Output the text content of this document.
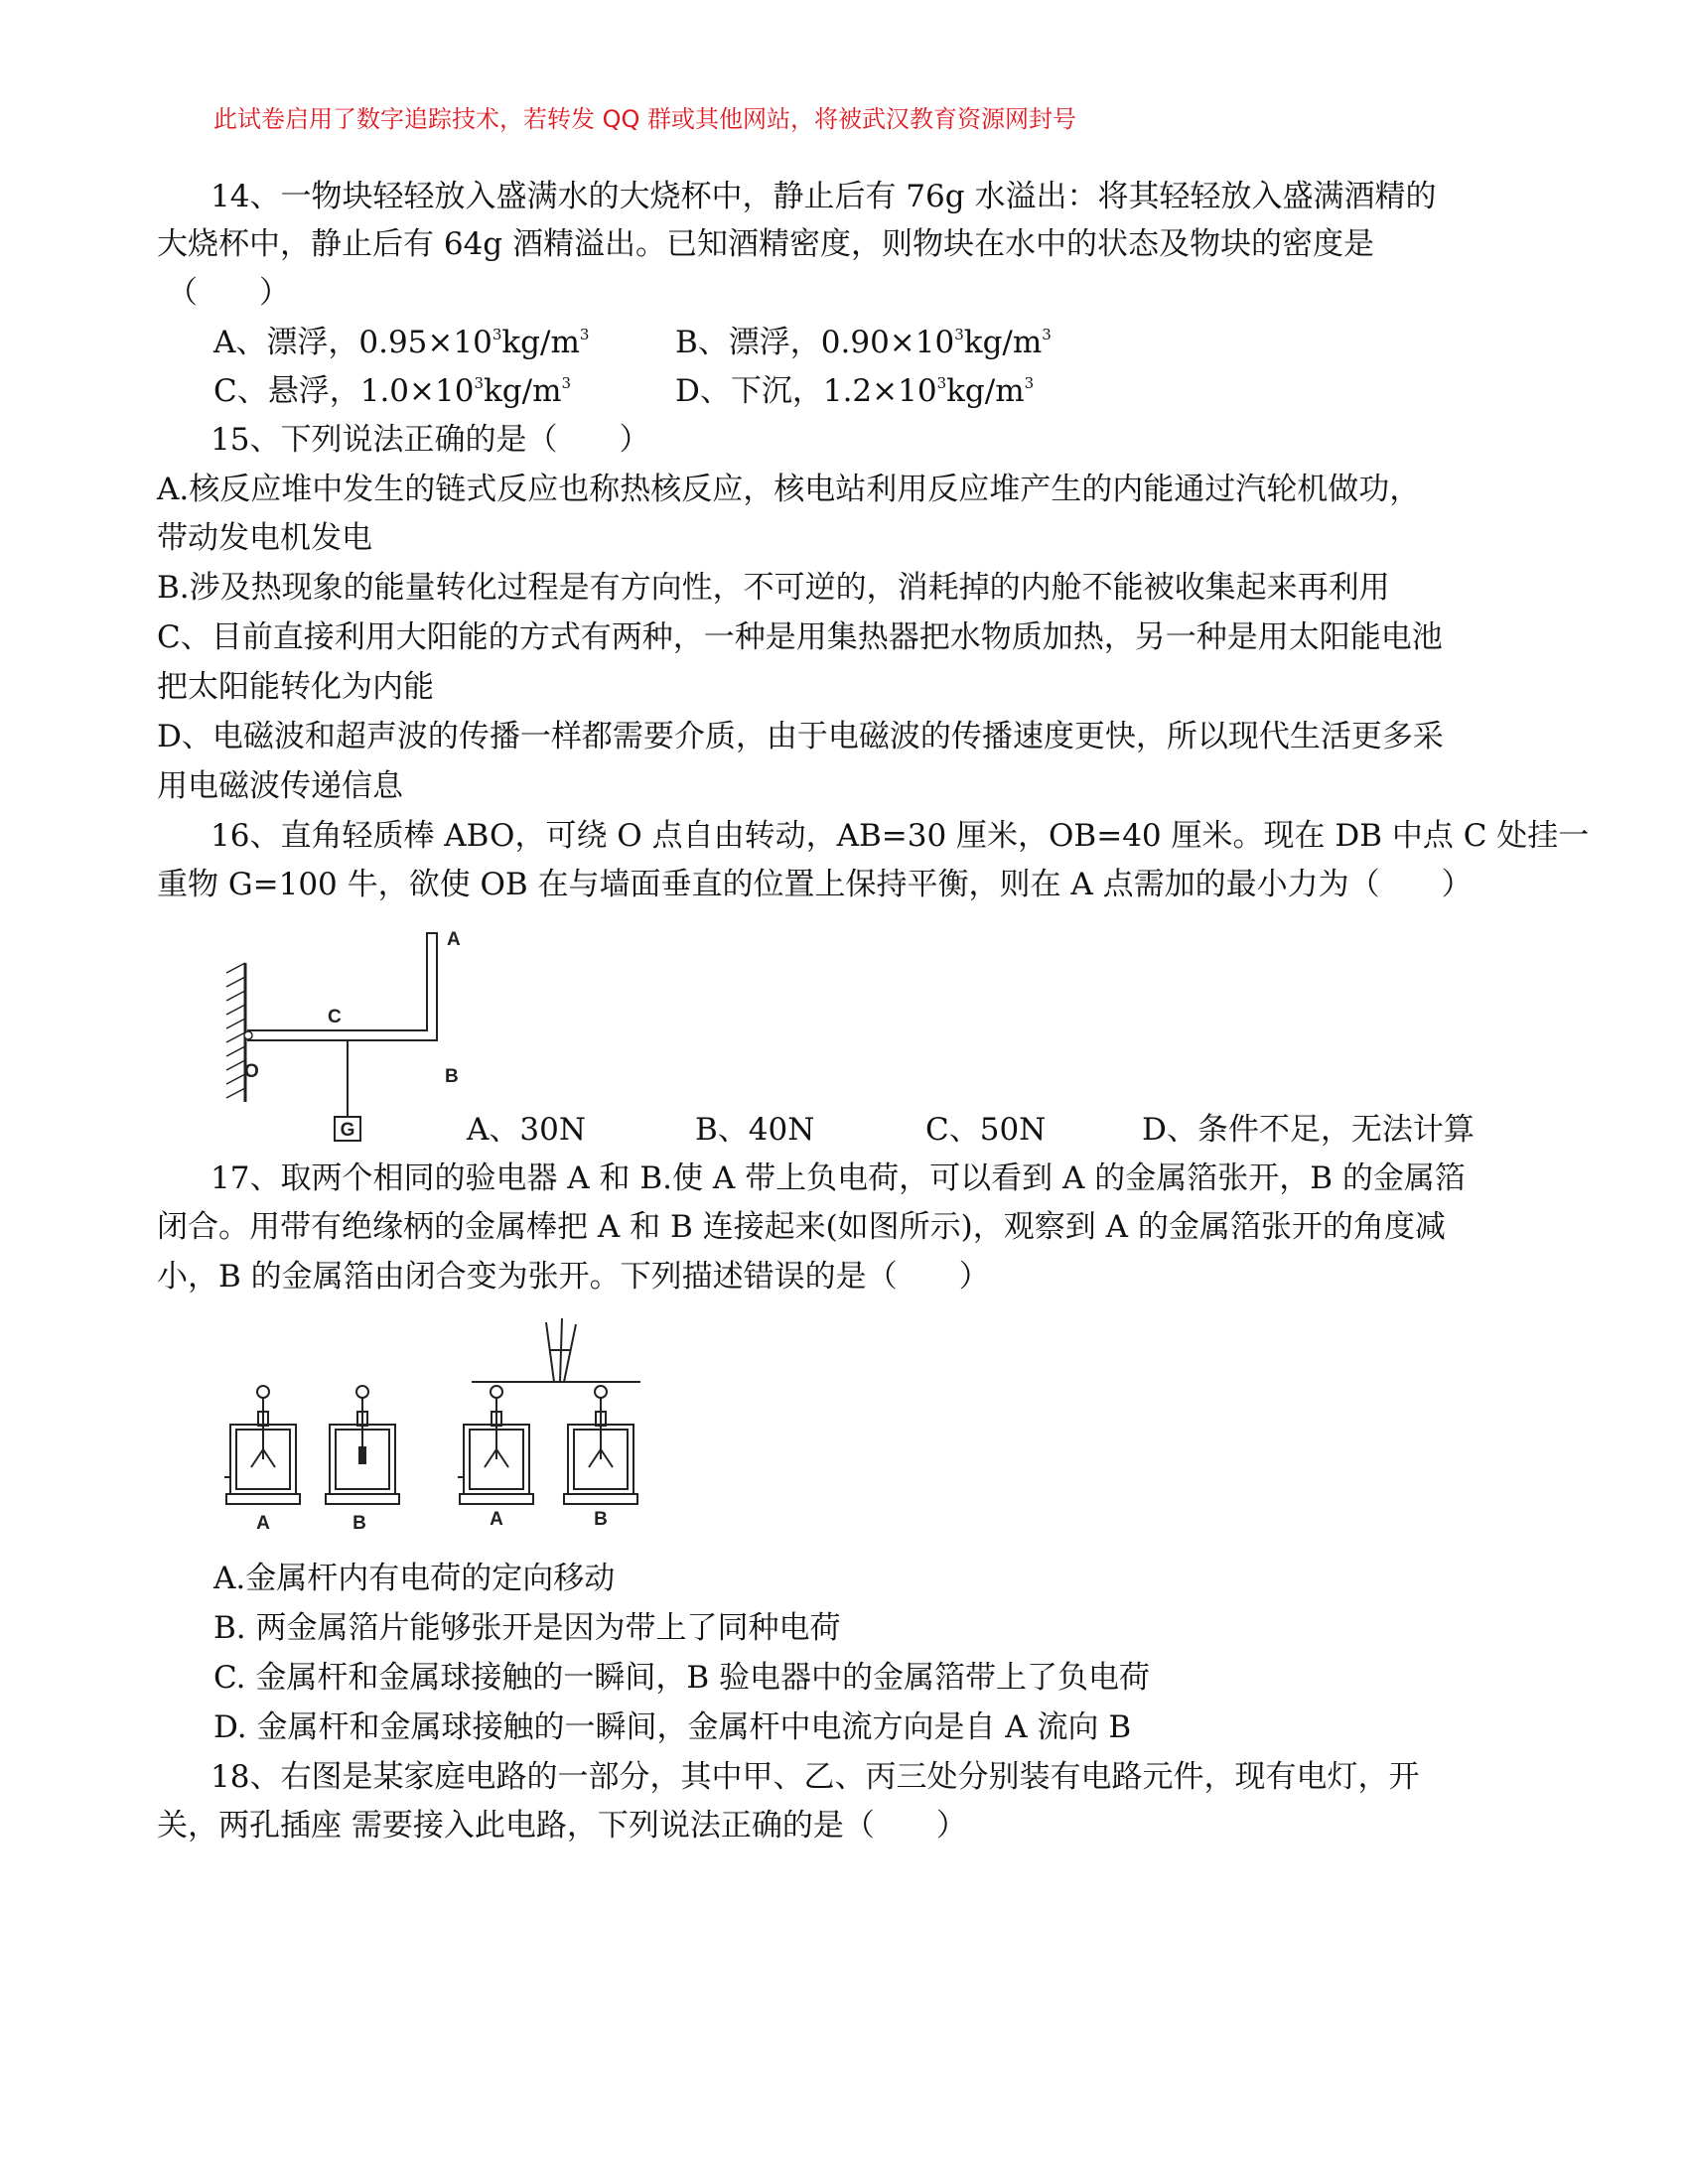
此试卷启用了数字追踪技术，若转发 QQ 群或其他网站，将被武汉教育资源网封号
14、一物块轻轻放入盛满水的大烧杯中，静止后有 76g 水溢出：将其轻轻放入盛满酒精的
大烧杯中，静止后有 64g 酒精溢出。已知酒精密度，则物块在水中的状态及物块的密度是
（　　）
A、漂浮，$0.95\times 10^3kg/m^3$	B、漂浮，$0.90\times 10^3kg/m^3$
C、悬浮，$1.0\times 10^3kg/m^3$	D、下沉，$1.2\times 10^3kg/m^3$
15、下列说法正确的是（　　）
A.核反应堆中发生的链式反应也称热核反应，核电站利用反应堆产生的内能通过汽轮机做功，
带动发电机发电
B.涉及热现象的能量转化过程是有方向性，不可逆的，消耗掉的内舱不能被收集起来再利用
C、目前直接利用大阳能的方式有两种，一种是用集热器把水物质加热，另一种是用太阳能电池
把太阳能转化为内能
D、电磁波和超声波的传播一样都需要介质，由于电磁波的传播速度更快，所以现代生活更多采
用电磁波传递信息
16、直角轻质棒 ABO，可绕 O 点自由转动，AB=30 厘米，OB=40 厘米。现在 DB 中点 C 处挂一
重物 G=100 牛，欲使 OB 在与墙面垂直的位置上保持平衡，则在 A 点需加的最小力为（　　）
G
A
B
C
O
A、30N	B、40N	C、50N	D、条件不足，无法计算
17、取两个相同的验电器 A 和 B.使 A 带上负电荷，可以看到 A 的金属箔张开，B 的金属箔
闭合。用带有绝缘柄的金属棒把 A 和 B 连接起来(如图所示)，观察到 A 的金属箔张开的角度减
小，B 的金属箔由闭合变为张开。下列描述错误的是（　　）
A	B	A	B
A.金属杆内有电荷的定向移动
B. 两金属箔片能够张开是因为带上了同种电荷
C. 金属杆和金属球接触的一瞬间，B 验电器中的金属箔带上了负电荷
D. 金属杆和金属球接触的一瞬间，金属杆中电流方向是自 A 流向 B
18、右图是某家庭电路的一部分，其中甲、乙、丙三处分别装有电路元件，现有电灯，开
关，两孔插座 需要接入此电路，下列说法正确的是（　　）
